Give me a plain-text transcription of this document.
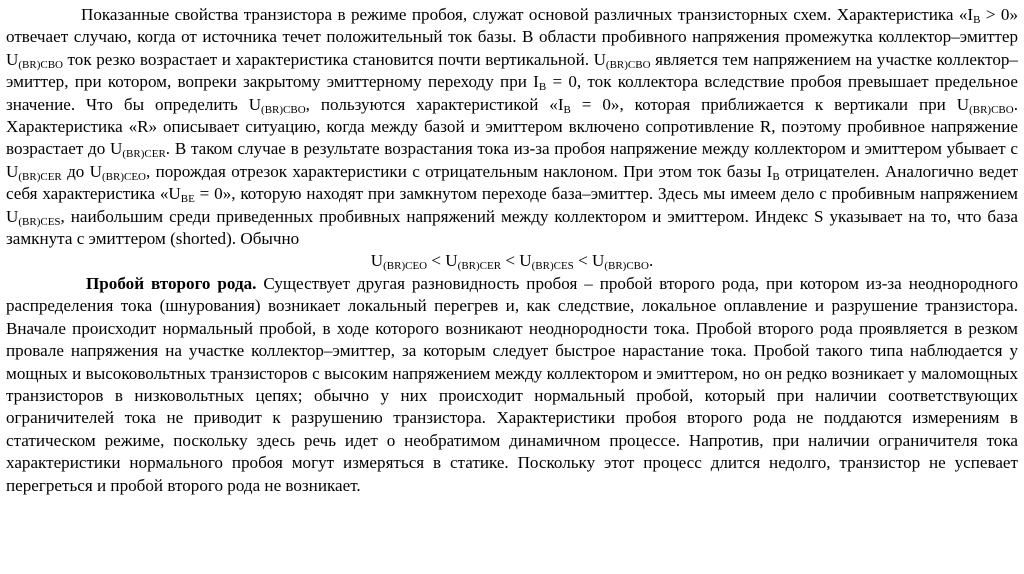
Показанные свойства транзистора в режиме пробоя, служат основой различных транзисторных схем. Характеристика «$I_B > 0$» отвечает случаю, когда от источника течет положительный ток базы. В области пробивного напряжения промежутка коллектор–эмиттер $U_{(BR)CBO}$ ток резко возрастает и характеристика становится почти вертикальной. $U_{(BR)CBO}$ является тем напряжением на участке коллектор–эмиттер, при котором, вопреки закрытому эмиттерному переходу при $I_B = 0$, ток коллектора вследствие пробоя превышает предельное значение. Что бы определить $U_{(BR)CBO}$, пользуются характеристикой «$I_B = 0$», которая приближается к вертикали при $U_{(BR)CBO}$. Характеристика «R» описывает ситуацию, когда между базой и эмиттером включено сопротивление R, поэтому пробивное напряжение возрастает до $U_{(BR)CER}$. В таком случае в результате возрастания тока из-за пробоя напряжение между коллектором и эмиттером убывает с $U_{(BR)CER}$ до $U_{(BR)CEO}$, порождая отрезок характеристики с отрицательным наклоном. При этом ток базы $I_B$ отрицателен. Аналогично ведет себя характеристика «$U_{BE} = 0$», которую находят при замкнутом переходе база–эмиттер. Здесь мы имеем дело с пробивным напряжением $U_{(BR)CES}$, наибольшим среди приведенных пробивных напряжений между коллектором и эмиттером. Индекс S указывает на то, что база замкнута с эмиттером (shorted). Обычно

$U_{(BR)CEO} < U_{(BR)CER} < U_{(BR)CES} < U_{(BR)CBO}$.

Пробой второго рода. Существует другая разновидность пробоя – пробой второго рода, при котором из-за неоднородного распределения тока (шнурования) возникает локальный перегрев и, как следствие, локальное оплавление и разрушение транзистора. Вначале происходит нормальный пробой, в ходе которого возникают неоднородности тока. Пробой второго рода проявляется в резком провале напряжения на участке коллектор–эмиттер, за которым следует быстрое нарастание тока. Пробой такого типа наблюдается у мощных и высоковольтных транзисторов с высоким напряжением между коллектором и эмиттером, но он редко возникает у маломощных транзисторов в низковольтных цепях; обычно у них происходит нормальный пробой, который при наличии соответствующих ограничителей тока не приводит к разрушению транзистора. Характеристики пробоя второго рода не поддаются измерениям в статическом режиме, поскольку здесь речь идет о необратимом динамичном процессе. Напротив, при наличии ограничителя тока характеристики нормального пробоя могут измеряться в статике. Поскольку этот процесс длится недолго, транзистор не успевает перегреться и пробой второго рода не возникает.
